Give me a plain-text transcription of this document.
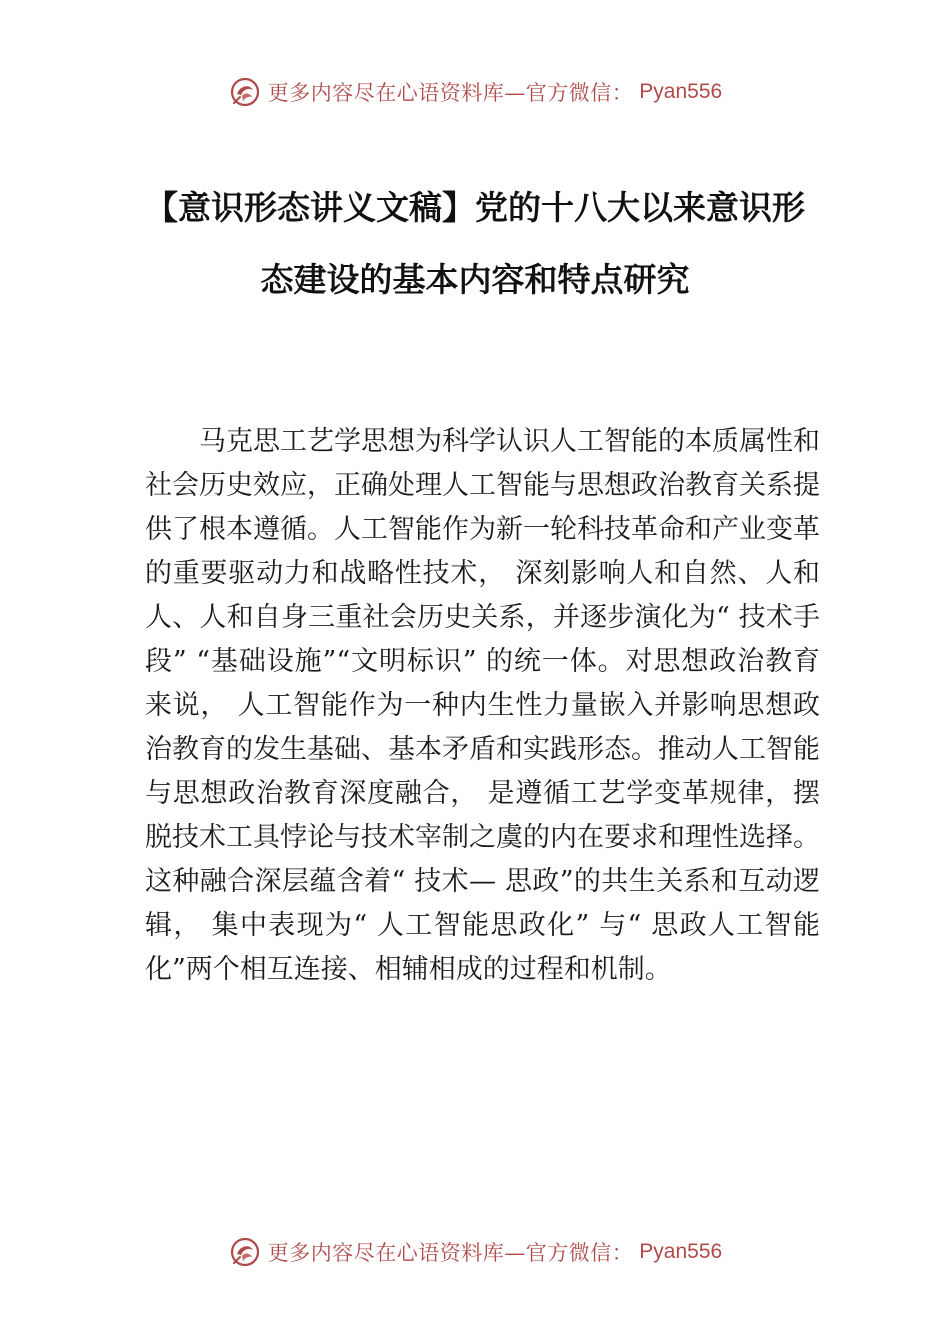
更多内容尽在心语资料库—官方微信： Pyan556
【意识形态讲义文稿】党的十八大以来意识形态建设的基本内容和特点研究

马克思工艺学思想为科学认识人工智能的本质属性和社会历史效应，正确处理人工智能与思想政治教育关系提供了根本遵循。人工智能作为新一轮科技革命和产业变革的重要驱动力和战略性技术， 深刻影响人和自然、人和人、人和自身三重社会历史关系，并逐步演化为“ 技术手段” “基础设施”“文明标识” 的统一体。对思想政治教育来说， 人工智能作为一种内生性力量嵌入并影响思想政治教育的发生基础、基本矛盾和实践形态。推动人工智能与思想政治教育深度融合， 是遵循工艺学变革规律，摆脱技术工具悖论与技术宰制之虞的内在要求和理性选择。这种融合深层蕴含着“ 技术— 思政”的共生关系和互动逻辑， 集中表现为“ 人工智能思政化” 与“ 思政人工智能化”两个相互连接、相辅相成的过程和机制。

更多内容尽在心语资料库—官方微信： Pyan556
